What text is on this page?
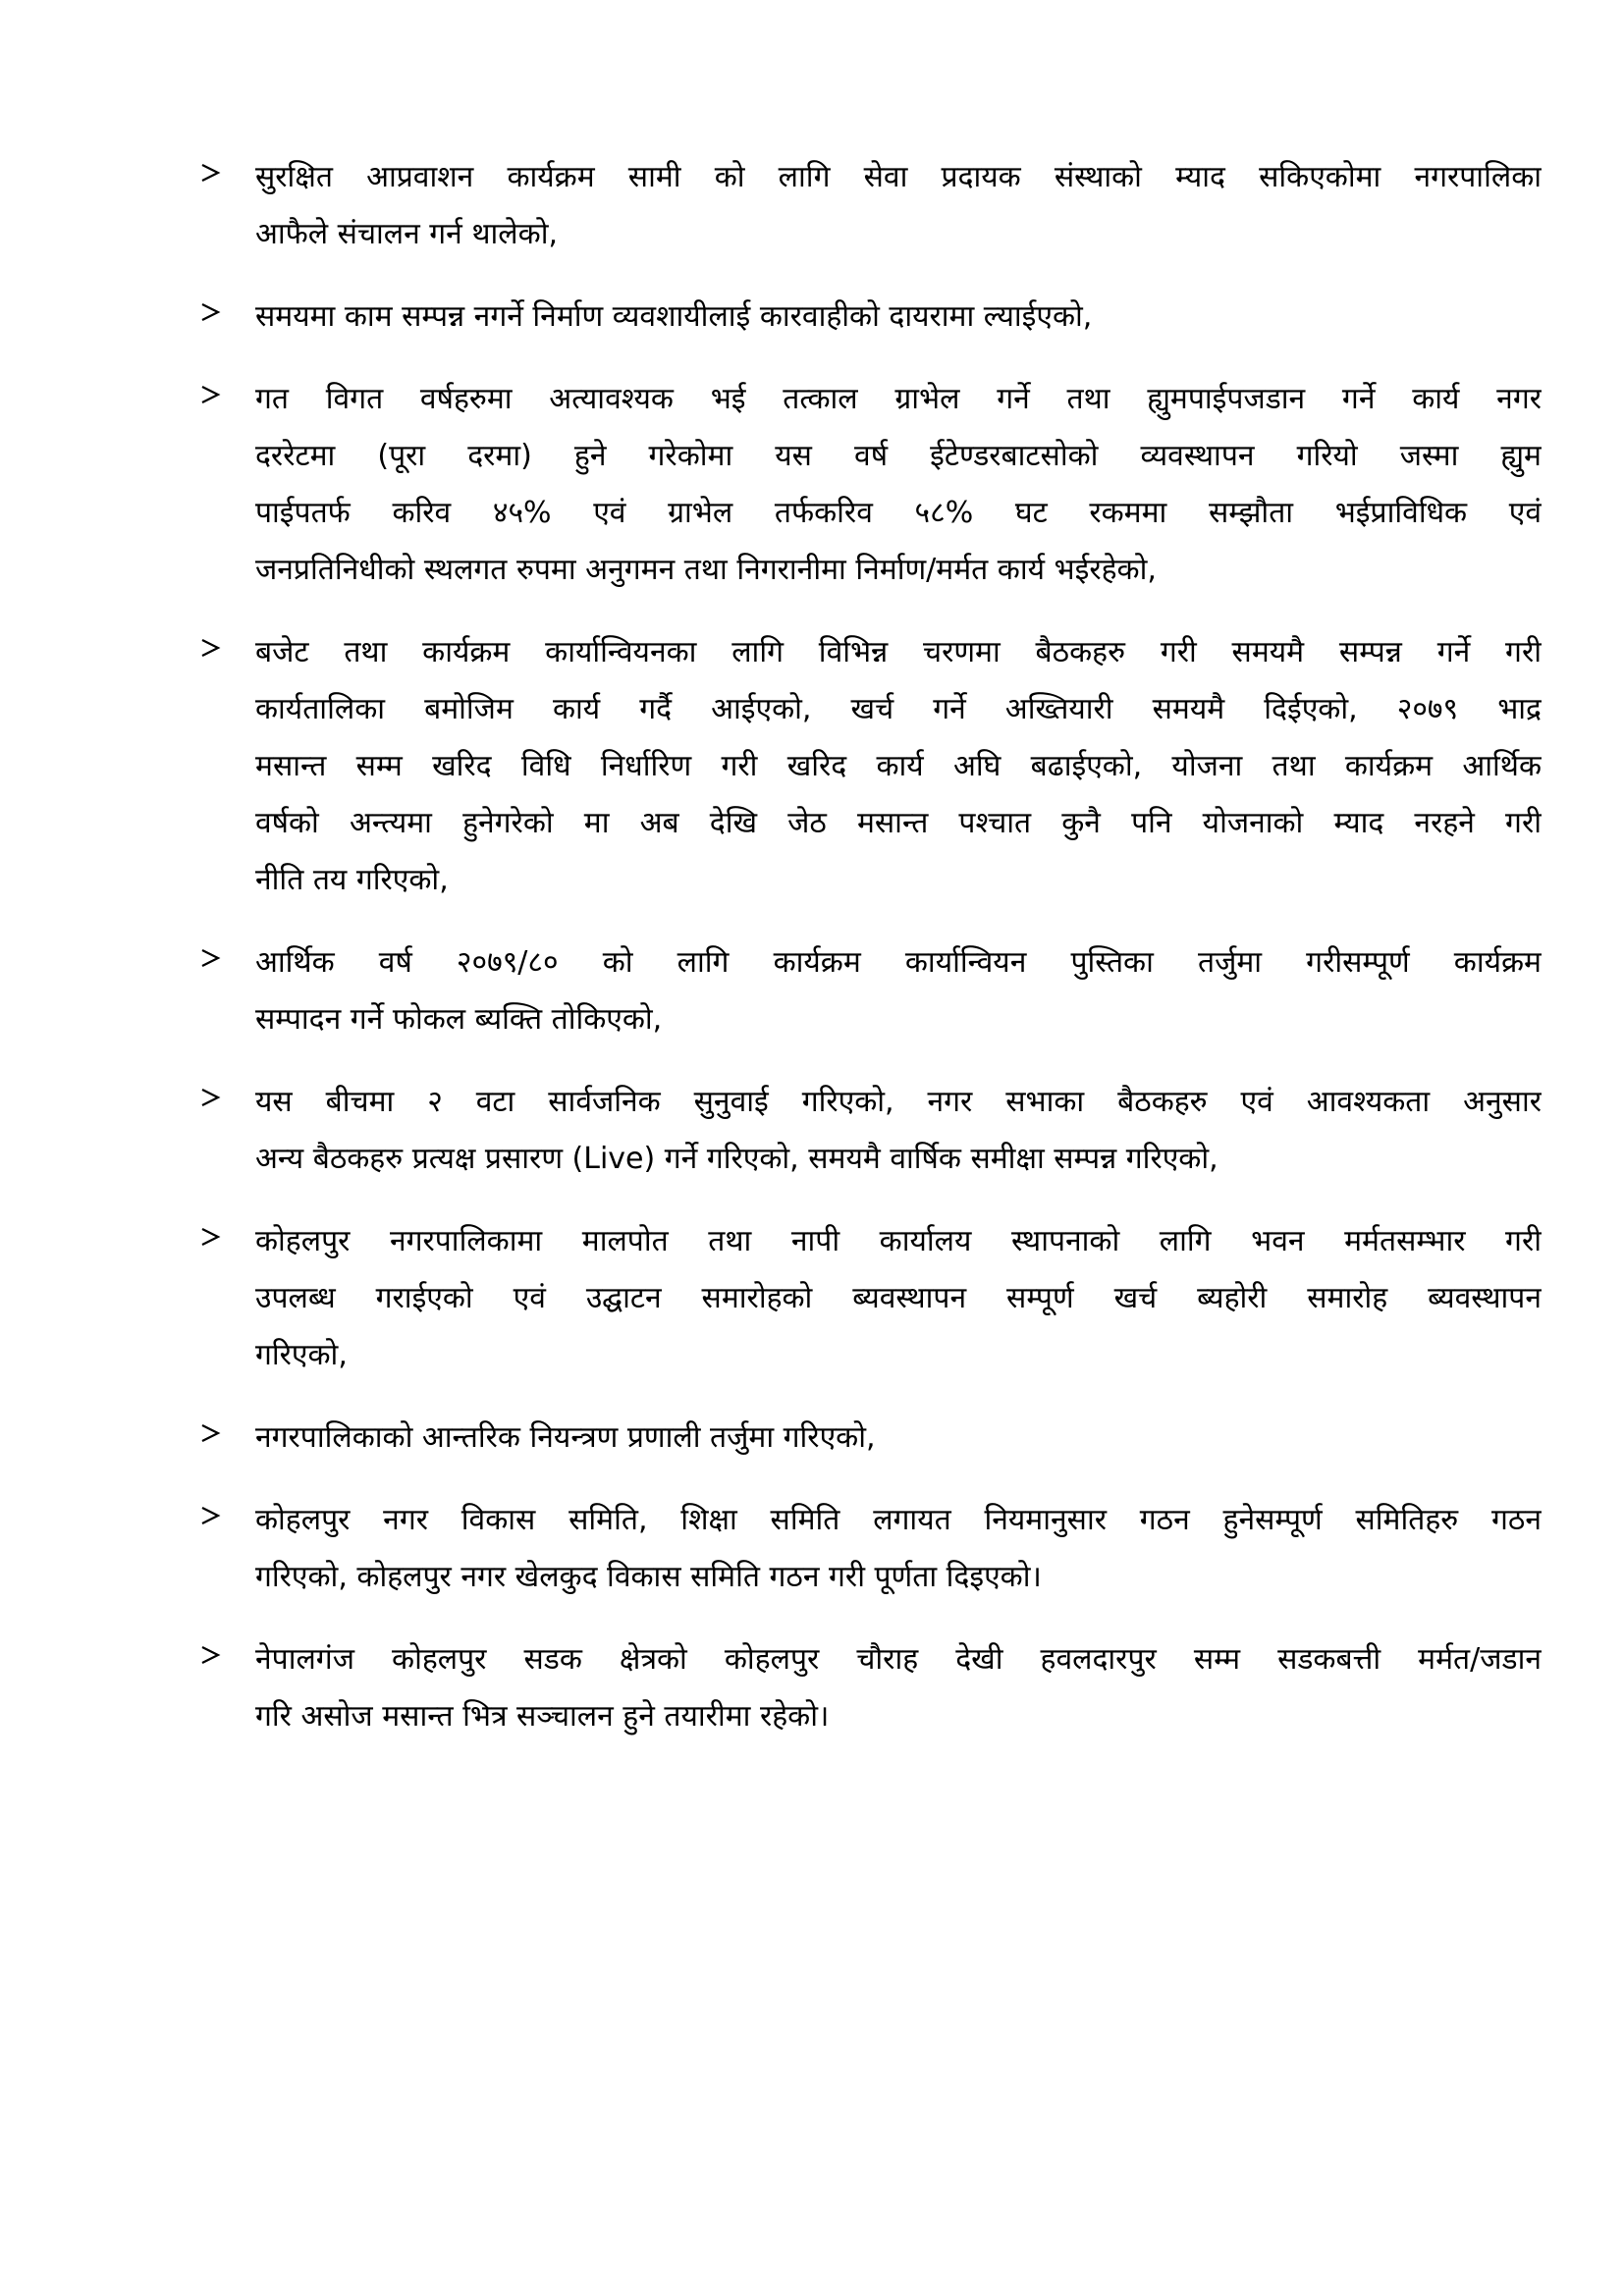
सुरक्षित आप्रवाशन कार्यक्रम सामी को लागि सेवा प्रदायक संस्थाको म्याद सकिएकोमा नगरपालिका
आफैले संचालन गर्न थालेको,
समयमा काम सम्पन्न नगर्ने निर्माण व्यवशायीलाई कारवाहीको दायरामा ल्याईएको,
गत विगत वर्षहरुमा अत्यावश्यक भई तत्काल ग्राभेल गर्ने तथा ह्युमपाईपजडान गर्ने कार्य नगर
दररेटमा (पूरा दरमा) हुने गरेकोमा यस वर्ष ईटेण्डरबाटसोको व्यवस्थापन गरियो जस्मा ह्युम
पाईपतर्फ करिव ४५% एवं ग्राभेल तर्फकरिव ५८% घट रकममा सम्झौता भईप्राविधिक एवं
जनप्रतिनिधीको स्थलगत रुपमा अनुगमन तथा निगरानीमा निर्माण/मर्मत कार्य भईरहेको,
बजेट तथा कार्यक्रम कार्यान्वियनका लागि विभिन्न चरणमा बैठकहरु गरी समयमै सम्पन्न गर्ने गरी
कार्यतालिका बमोजिम कार्य गर्दै आईएको, खर्च गर्ने अख्तियारी समयमै दिईएको, २०७९ भाद्र
मसान्त सम्म खरिद विधि निर्धारिण गरी खरिद कार्य अघि बढाईएको, योजना तथा कार्यक्रम आर्थिक
वर्षको अन्त्यमा हुनेगरेको मा अब देखि जेठ मसान्त पश्चात कुनै पनि योजनाको म्याद नरहने गरी
नीति तय गरिएको,
आर्थिक वर्ष २०७९/८० को लागि कार्यक्रम कार्यान्वियन पुस्तिका तर्जुमा गरीसम्पूर्ण कार्यक्रम
सम्पादन गर्ने फोकल ब्यक्ति तोकिएको,
यस बीचमा २ वटा सार्वजनिक सुनुवाई गरिएको, नगर सभाका बैठकहरु एवं आवश्यकता अनुसार
अन्य बैठकहरु प्रत्यक्ष प्रसारण (Live) गर्ने गरिएको, समयमै वार्षिक समीक्षा सम्पन्न गरिएको,
कोहलपुर नगरपालिकामा मालपोत तथा नापी कार्यालय स्थापनाको लागि भवन मर्मतसम्भार गरी
उपलब्ध गराईएको एवं उद्घाटन समारोहको ब्यवस्थापन सम्पूर्ण खर्च ब्यहोरी समारोह ब्यवस्थापन
गरिएको,
नगरपालिकाको आन्तरिक नियन्त्रण प्रणाली तर्जुमा गरिएको,
कोहलपुर नगर विकास समिति, शिक्षा समिति लगायत नियमानुसार गठन हुनेसम्पूर्ण समितिहरु गठन
गरिएको, कोहलपुर नगर खेलकुद विकास समिति गठन गरी पूर्णता दिइएको।
नेपालगंज कोहलपुर सडक क्षेत्रको कोहलपुर चौराह देखी हवलदारपुर सम्म सडकबत्ती मर्मत/जडान
गरि असोज मसान्त भित्र सञ्चालन हुने तयारीमा रहेको।
